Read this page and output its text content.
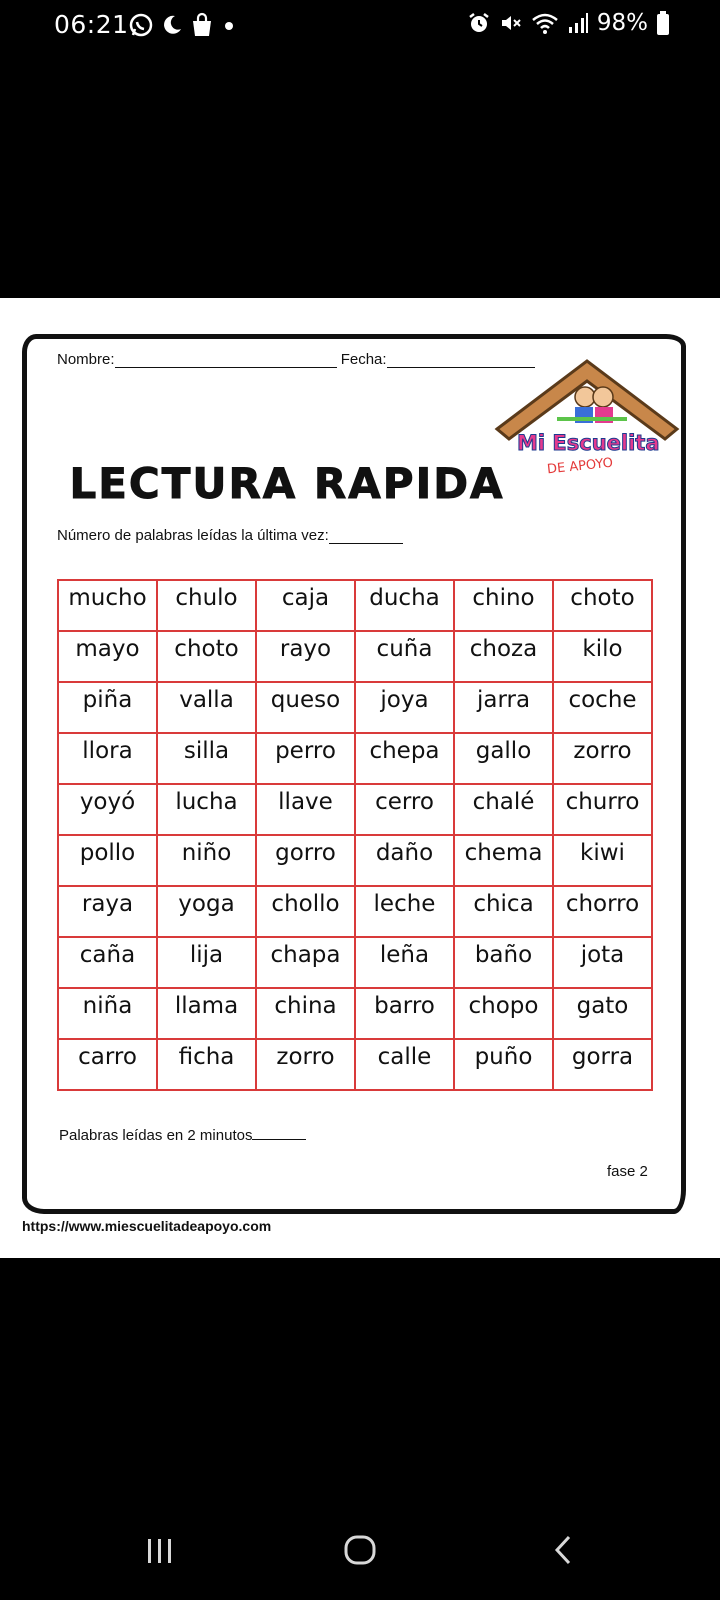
06:21	98%
Nombre:	Fecha:
Mi Escuelita
DE APOYO
LECTURA RAPIDA
Número de palabras leídas la última vez:
mucho	chulo	caja	ducha	chino	choto
mayo	choto	rayo	cuña	choza	kilo
piña	valla	queso	joya	jarra	coche
llora	silla	perro	chepa	gallo	zorro
yoyó	lucha	llave	cerro	chalé	churro
pollo	niño	gorro	daño	chema	kiwi
raya	yoga	chollo	leche	chica	chorro
caña	lija	chapa	leña	baño	jota
niña	llama	china	barro	chopo	gato
carro	ficha	zorro	calle	puño	gorra
Palabras leídas en 2 minutos
fase 2
https://www.miescuelitadeapoyo.com
